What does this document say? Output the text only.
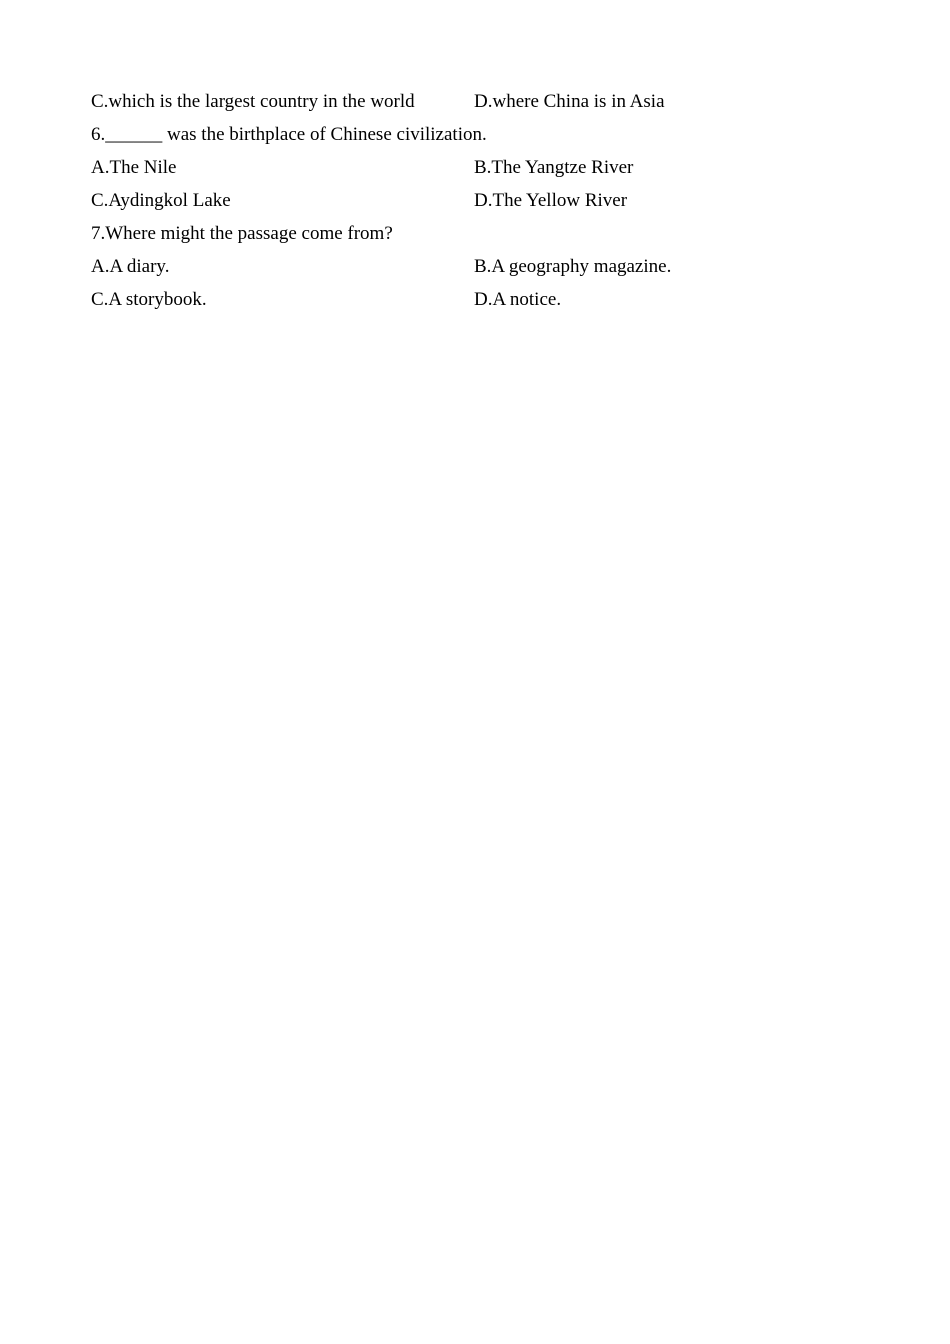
C.which is the largest country in the world	D.where China is in Asia
6.______ was the birthplace of Chinese civilization.
A.The Nile	B.The Yangtze River
C.Aydingkol Lake	D.The Yellow River
7.Where might the passage come from?
A.A diary.	B.A geography magazine.
C.A storybook.	D.A notice.
